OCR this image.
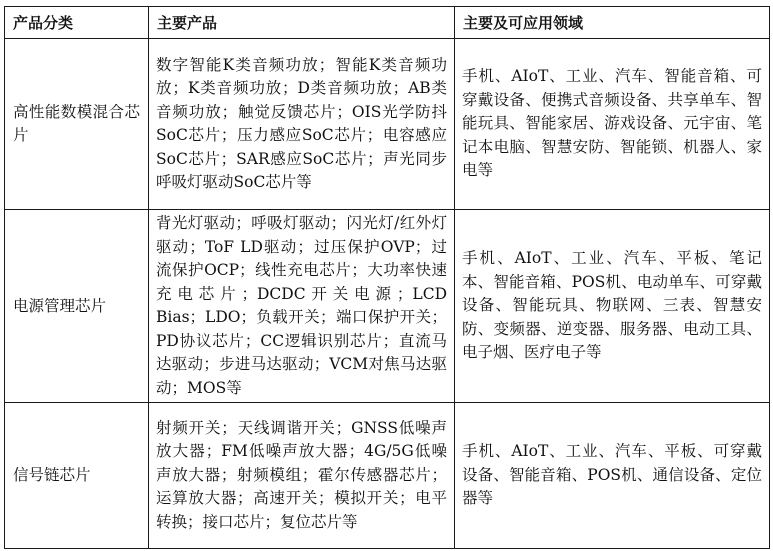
产品分类	主要产品	主要及可应用领域
高性能数模混合芯片	数字智能K类音频功放；智能K类音频功放；K类音频功放；D类音频功放；AB类音频功放；触觉反馈芯片；OIS光学防抖SoC芯片；压力感应SoC芯片；电容感应SoC芯片；SAR感应SoC芯片；声光同步呼吸灯驱动SoC芯片等	手机、AIoT、工业、汽车、智能音箱、可穿戴设备、便携式音频设备、共享单车、智能玩具、智能家居、游戏设备、元宇宙、笔记本电脑、智慧安防、智能锁、机器人、家电等
电源管理芯片	背光灯驱动；呼吸灯驱动；闪光灯/红外灯驱动；ToF LD驱动；过压保护OVP；过流保护OCP；线性充电芯片；大功率快速充电芯片；DCDC开关电源；LCD Bias；LDO；负载开关；端口保护开关；PD协议芯片；CC逻辑识别芯片；直流马达驱动；步进马达驱动；VCM对焦马达驱动；MOS等	手机、AIoT、工业、汽车、平板、笔记本、智能音箱、POS机、电动单车、可穿戴设备、智能玩具、物联网、三表、智慧安防、变频器、逆变器、服务器、电动工具、电子烟、医疗电子等
信号链芯片	射频开关；天线调谐开关；GNSS低噪声放大器；FM低噪声放大器；4G/5G低噪声放大器；射频模组；霍尔传感器芯片；运算放大器；高速开关；模拟开关；电平转换；接口芯片；复位芯片等	手机、AIoT、工业、汽车、平板、可穿戴设备、智能音箱、POS机、通信设备、定位器等
